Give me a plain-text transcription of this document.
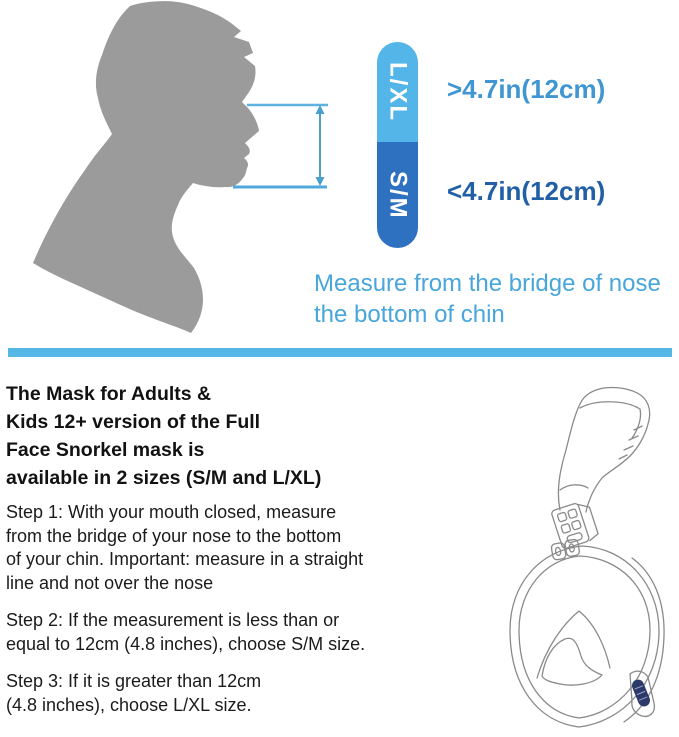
L/XL
S/M
>4.7in(12cm)
<4.7in(12cm)
Measure from the bridge of nose
the bottom of chin
The Mask for Adults &
Kids 12+ version of the Full
Face Snorkel mask is
available in 2 sizes (S/M and L/XL)
Step 1: With your mouth closed, measure
from the bridge of your nose to the bottom
of your chin. Important: measure in a straight
line and not over the nose
Step 2: If the measurement is less than or
equal to 12cm (4.8 inches), choose S/M size.
Step 3: If it is greater than 12cm
(4.8 inches), choose L/XL size.
